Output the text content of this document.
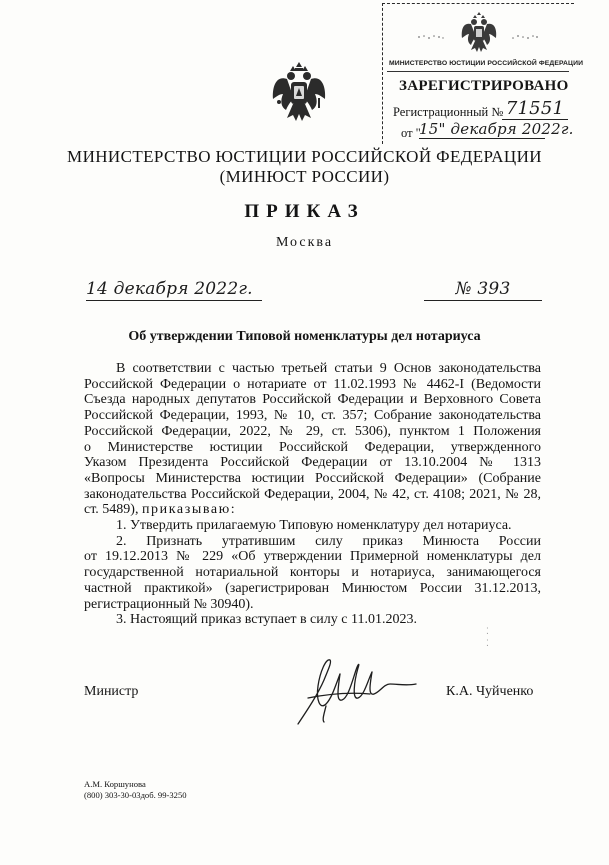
МИНИСТЕРСТВО ЮСТИЦИИ РОССИЙСКОЙ ФЕДЕРАЦИИ
ЗАРЕГИСТРИРОВАНО
Регистрационный № 71551
от "
15" декабря 2022г.
МИНИСТЕРСТВО ЮСТИЦИИ РОССИЙСКОЙ ФЕДЕРАЦИИ
(МИНЮСТ РОССИИ)
ПРИКАЗ
Москва
14 декабря 2022г.	№ 393
Об утверждении Типовой номенклатуры дел нотариуса

В соответствии с частью третьей статьи 9 Основ законодательства

Российской Федерации о нотариате от 11.02.1993 № 4462-I (Ведомости

Съезда народных депутатов Российской Федерации и Верховного Совета

Российской Федерации, 1993, № 10, ст. 357; Собрание законодательства

Российской Федерации, 2022, № 29, ст. 5306), пунктом 1 Положения

о Министерстве юстиции Российской Федерации, утвержденного

Указом Президента Российской Федерации от 13.10.2004 № 1313

«Вопросы Министерства юстиции Российской Федерации» (Собрание

законодательства Российской Федерации, 2004, № 42, ст. 4108; 2021, № 28,

ст. 5489), приказываю:

1. Утвердить прилагаемую Типовую номенклатуру дел нотариуса.

2. Признать утратившим силу приказ Минюста России

от 19.12.2013 № 229 «Об утверждении Примерной номенклатуры дел

государственной нотариальной конторы и нотариуса, занимающегося

частной практикой» (зарегистрирован Минюстом России 31.12.2013,

регистрационный № 30940).

3. Настоящий приказ вступает в силу с 11.01.2023.

Министр	К.А. Чуйченко
А.М. Коршунова
(800) 303-30-03доб. 99-3250
⁚
⁚
